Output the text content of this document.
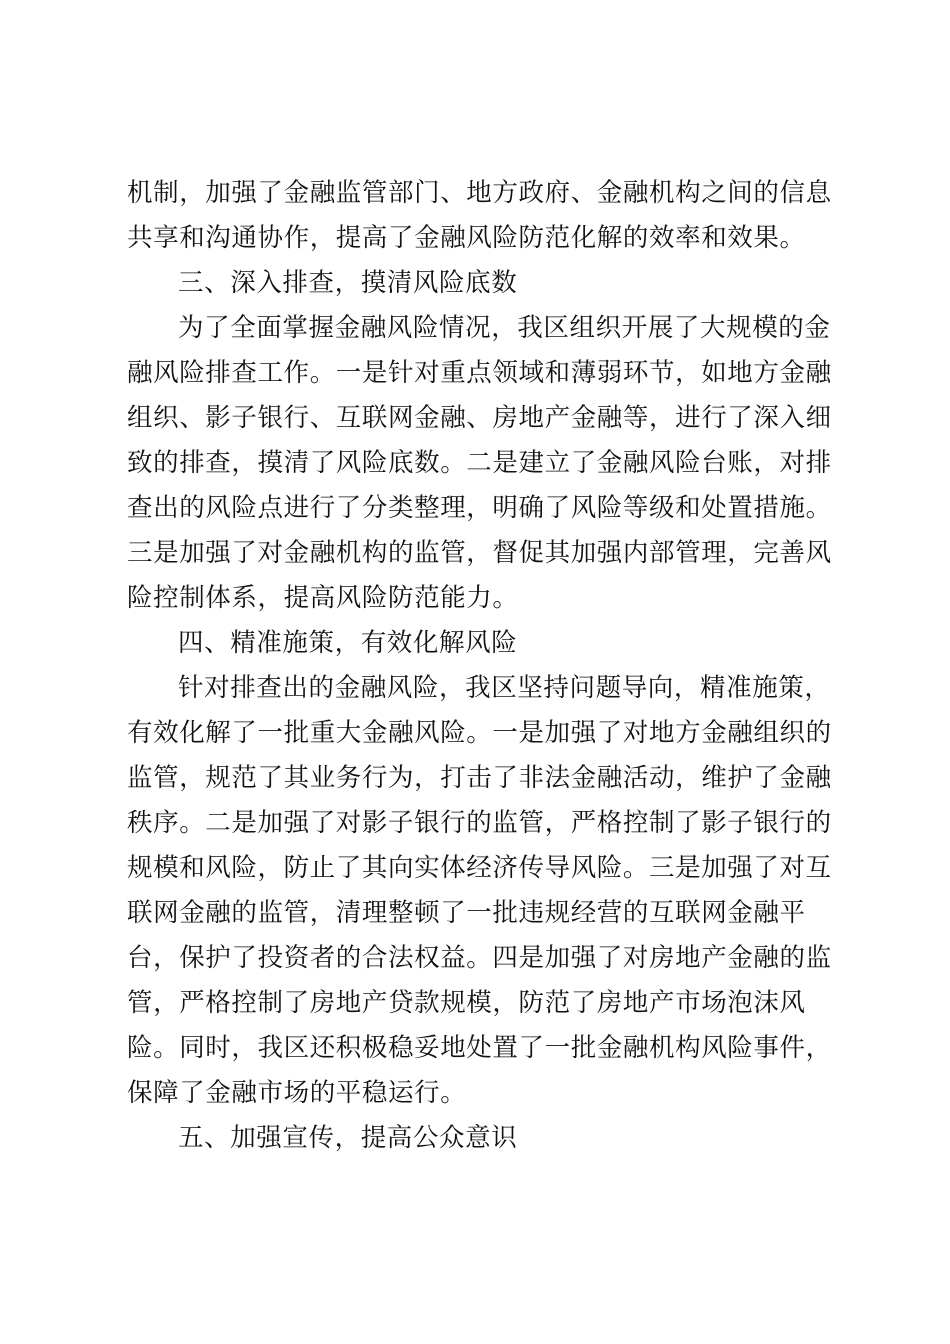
机制，加强了金融监管部门、地方政府、金融机构之间的信息
共享和沟通协作，提高了金融风险防范化解的效率和效果。
三、深入排查，摸清风险底数
为了全面掌握金融风险情况，我区组织开展了大规模的金
融风险排查工作。一是针对重点领域和薄弱环节，如地方金融
组织、影子银行、互联网金融、房地产金融等，进行了深入细
致的排查，摸清了风险底数。二是建立了金融风险台账，对排
查出的风险点进行了分类整理，明确了风险等级和处置措施。
三是加强了对金融机构的监管，督促其加强内部管理，完善风
险控制体系，提高风险防范能力。
四、精准施策，有效化解风险
针对排查出的金融风险，我区坚持问题导向，精准施策，
有效化解了一批重大金融风险。一是加强了对地方金融组织的
监管，规范了其业务行为，打击了非法金融活动，维护了金融
秩序。二是加强了对影子银行的监管，严格控制了影子银行的
规模和风险，防止了其向实体经济传导风险。三是加强了对互
联网金融的监管，清理整顿了一批违规经营的互联网金融平
台，保护了投资者的合法权益。四是加强了对房地产金融的监
管，严格控制了房地产贷款规模，防范了房地产市场泡沫风
险。同时，我区还积极稳妥地处置了一批金融机构风险事件，
保障了金融市场的平稳运行。
五、加强宣传，提高公众意识
